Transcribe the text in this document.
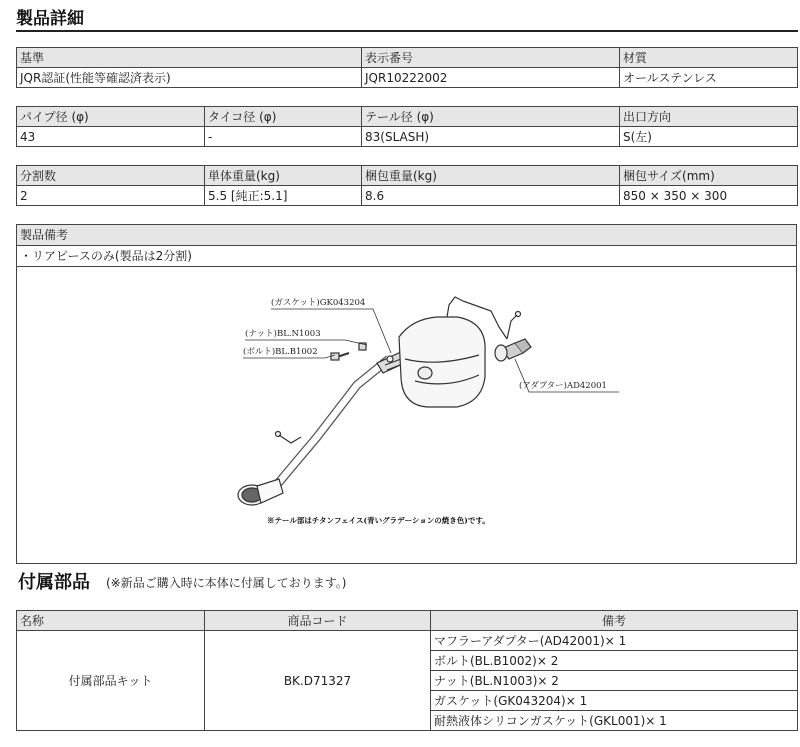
製品詳細
基準	表示番号	材質
JQR認証(性能等確認済表示)	JQR10222002	オールステンレス
パイプ径 (φ)	タイコ径 (φ)	テール径 (φ)	出口方向
43	-	83(SLASH)	S(左)
分割数	単体重量(kg)	梱包重量(kg)	梱包サイズ(mm)
2	5.5 [純正:5.1]	8.6	850 × 350 × 300
製品備考
・リアピースのみ(製品は2分割)
(ガスケット)GK043204
(ナット)BL.N1003
(ボルト)BL.B1002
(アダプター)AD42001
※テール部はチタンフェイス(青いグラデーションの焼き色)です。
付属部品 (※新品ご購入時に本体に付属しております。)
名称	商品コード	備考
付属部品キット	BK.D71327	マフラーアダプター(AD42001)× 1
		ボルト(BL.B1002)× 2
		ナット(BL.N1003)× 2
		ガスケット(GK043204)× 1
		耐熱液体シリコンガスケット(GKL001)× 1
